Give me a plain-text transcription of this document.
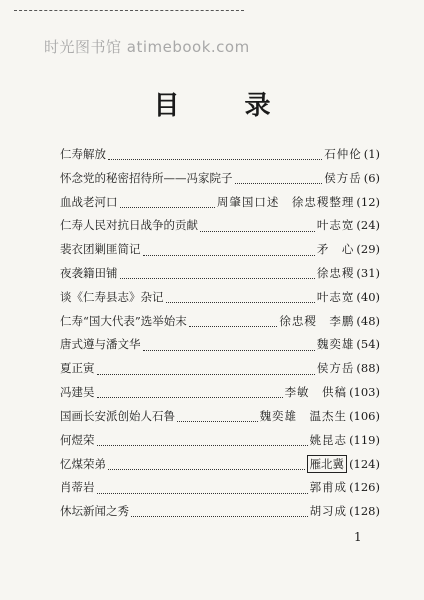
时光图书馆 atimebook.com
目 录
仁寿解放	石仲伦 (1)
怀念党的秘密招待所——冯家院子	侯方岳 (6)
血战老河口	周肇国口述　徐忠稷整理 (12)
仁寿人民对抗日战争的贡献	叶志宽 (24)
裴衣团剿匪简记	矛　心 (29)
夜袭籍田铺	徐忠稷 (31)
谈《仁寿县志》杂记	叶志宽 (40)
仁寿“国大代表”选举始末	徐忠稷　李鹏 (48)
唐式遵与潘文华	魏奕雄 (54)
夏正寅	侯方岳 (88)
冯建吴	李敏　供稿 (103)
国画长安派创始人石鲁	魏奕雄　温杰生 (106)
何煜荣	姚昆志 (119)
忆煤荣弟	雁北冀 (124)
肖蒂岩	郭甫成 (126)
休坛新闻之秀	胡习成 (128)
1
